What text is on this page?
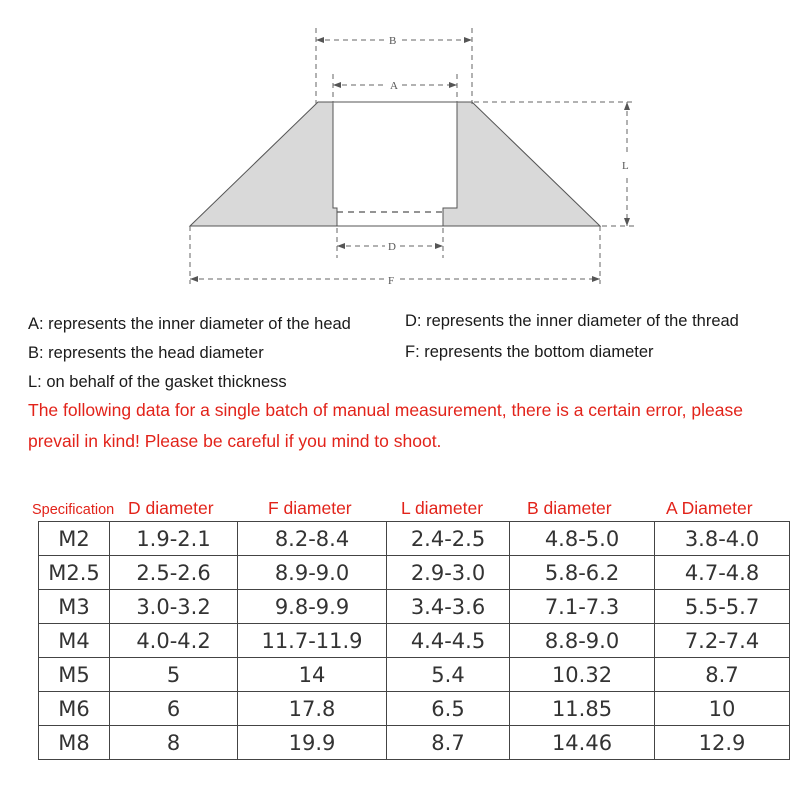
B
A
L
D
F
A: represents the inner diameter of the head	D: represents the inner diameter of the thread
B: represents the head diameter	F: represents the bottom diameter
L: on behalf of the gasket thickness
The following data for a single batch of manual measurement, there is a certain error, please prevail in kind! Please be careful if you mind to shoot.
Specification D diameter	F diameter	L diameter	B diameter	A Diameter
M2	1.9-2.1	8.2-8.4	2.4-2.5	4.8-5.0	3.8-4.0
M2.5	2.5-2.6	8.9-9.0	2.9-3.0	5.8-6.2	4.7-4.8
M3	3.0-3.2	9.8-9.9	3.4-3.6	7.1-7.3	5.5-5.7
M4	4.0-4.2	11.7-11.9	4.4-4.5	8.8-9.0	7.2-7.4
M5	5	14	5.4	10.32	8.7
M6	6	17.8	6.5	11.85	10
M8	8	19.9	8.7	14.46	12.9
